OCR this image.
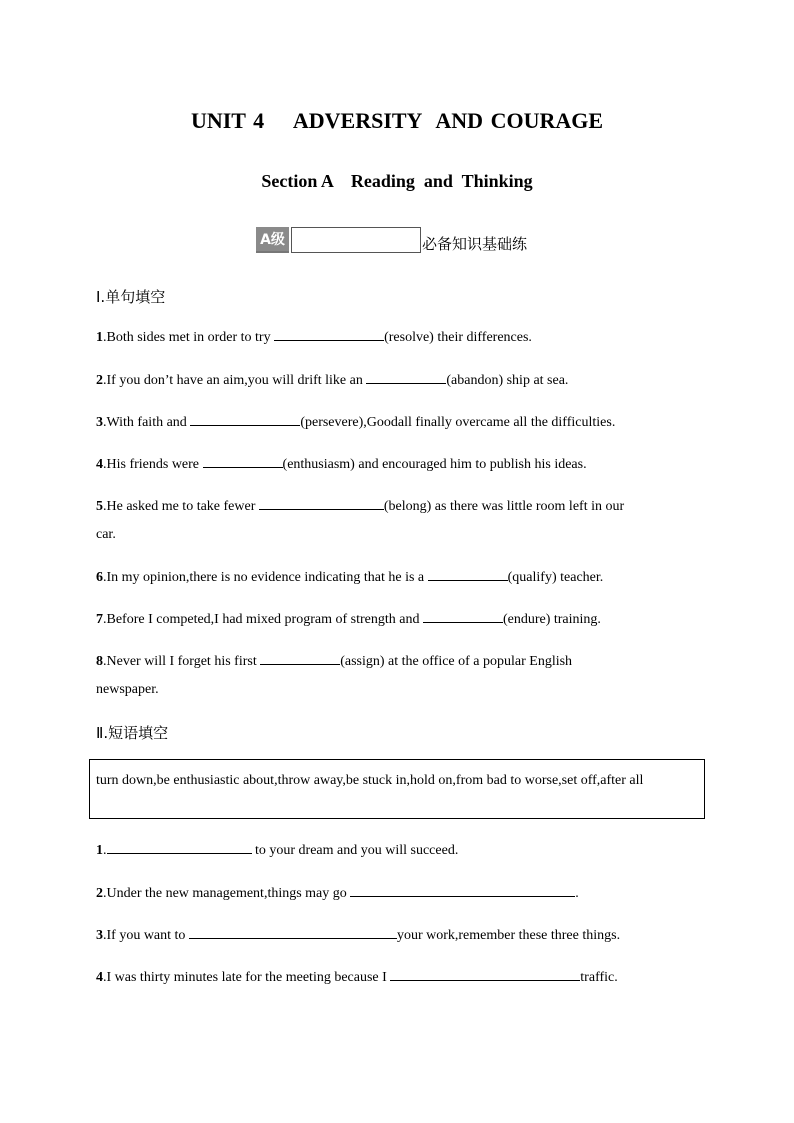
UNIT 4    ADVERSITY  AND COURAGE
Section A    Reading  and  Thinking
A级	必备知识基础练
Ⅰ.单句填空
1.Both sides met in order to try	(resolve) their differences.
2.If you don’t have an aim,you will drift like an	(abandon) ship at sea.
3.With faith and	(persevere),Goodall finally overcame all the difficulties.
4.His friends were	(enthusiasm) and encouraged him to publish his ideas.
5.He asked me to take fewer	(belong) as there was little room left in our
car.
6.In my opinion,there is no evidence indicating that he is a	(qualify) teacher.
7.Before I competed,I had mixed program of strength and	(endure) training.
8.Never will I forget his first	(assign) at the office of a popular English
newspaper.
Ⅱ.短语填空
turn down,be enthusiastic about,throw away,be stuck in,hold on,from bad to worse,set off,after all
1.	to your dream and you will succeed.
2.Under the new management,things may go	.
3.If you want to	your work,remember these three things.
4.I was thirty minutes late for the meeting because I	traffic.
